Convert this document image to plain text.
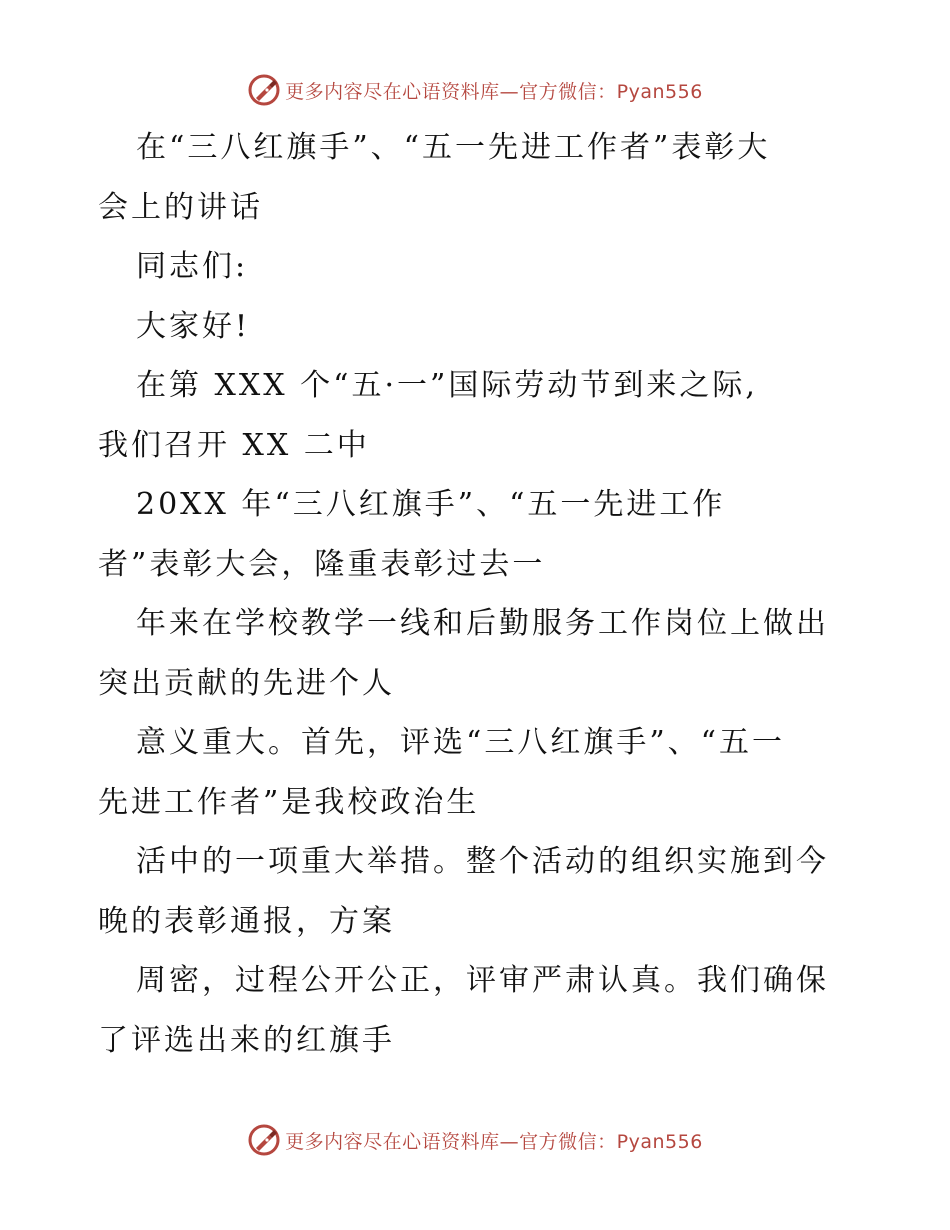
更多内容尽在心语资料库—官方微信：Pyan556

在“三八红旗手”、“五一先进工作者”表彰大

会上的讲话

同志们:

大家好!

在第 XXX 个“五·一”国际劳动节到来之际,

我们召开 XX 二中

20XX 年“三八红旗手”、“五一先进工作

者”表彰大会，隆重表彰过去一

年来在学校教学一线和后勤服务工作岗位上做出

突出贡献的先进个人

意义重大。首先，评选“三八红旗手”、“五一

先进工作者”是我校政治生

活中的一项重大举措。整个活动的组织实施到今

晚的表彰通报，方案

周密，过程公开公正，评审严肃认真。我们确保

了评选出来的红旗手

更多内容尽在心语资料库—官方微信：Pyan556
